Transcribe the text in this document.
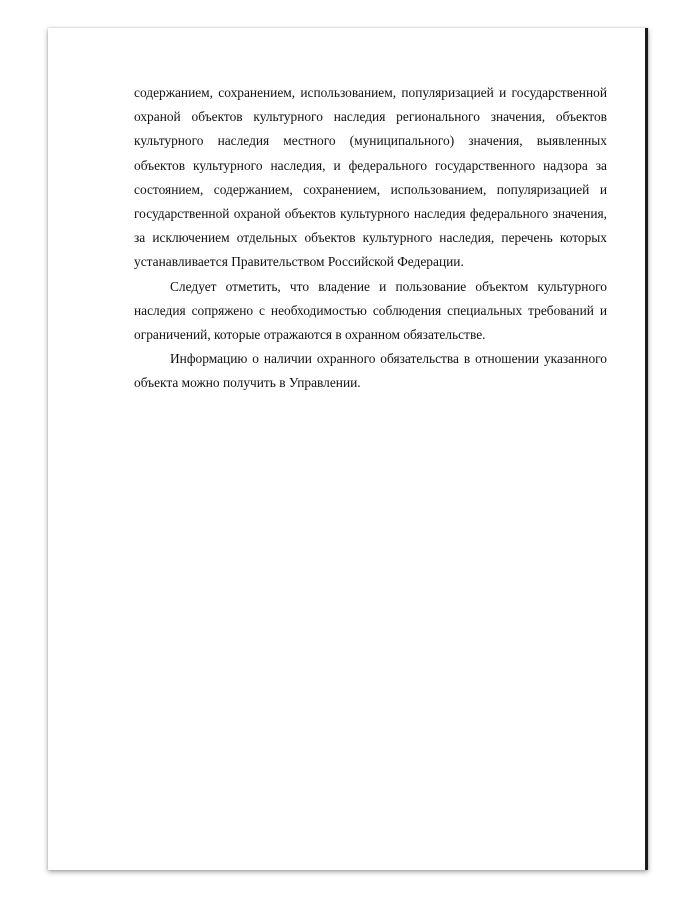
содержанием, сохранением, использованием, популяризацией и государственной охраной объектов культурного наследия регионального значения, объектов культурного наследия местного (муниципального) значения, выявленных объектов культурного наследия, и федерального государственного надзора за состоянием, содержанием, сохранением, использованием, популяризацией и государственной охраной объектов культурного наследия федерального значения, за исключением отдельных объектов культурного наследия, перечень которых устанавливается Правительством Российской Федерации.

Следует отметить, что владение и пользование объектом культурного наследия сопряжено с необходимостью соблюдения специальных требований и ограничений, которые отражаются в охранном обязательстве.

Информацию о наличии охранного обязательства в отношении указанного объекта можно получить в Управлении.
